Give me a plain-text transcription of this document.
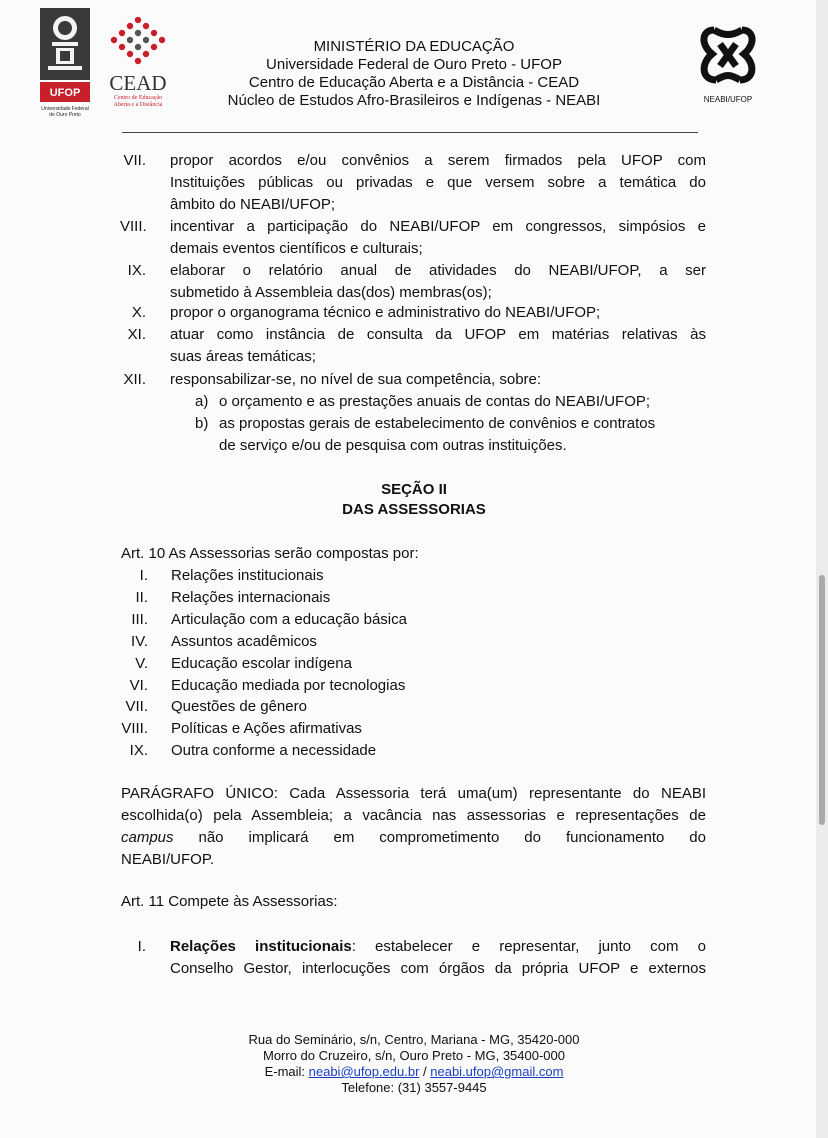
UFOP
Universidade Federal
de Ouro Preto
CEAD
Centro de Educação
Aberta e a Distância
NEABI/UFOP
MINISTÉRIO DA EDUCAÇÃO
Universidade Federal de Ouro Preto - UFOP
Centro de Educação Aberta e a Distância - CEAD
Núcleo de Estudos Afro-Brasileiros e Indígenas - NEABI
VII. propor acordos e/ou convênios a serem firmados pela UFOP com
Instituições públicas ou privadas e que versem sobre a temática do
âmbito do NEABI/UFOP;
VIII. incentivar a participação do NEABI/UFOP em congressos, simpósios e
demais eventos científicos e culturais;
IX. elaborar o relatório anual de atividades do NEABI/UFOP, a ser
submetido à Assembleia das(dos) membras(os);
X. propor o organograma técnico e administrativo do NEABI/UFOP;
XI. atuar como instância de consulta da UFOP em matérias relativas às
suas áreas temáticas;
XII. responsabilizar-se, no nível de sua competência, sobre:
a) o orçamento e as prestações anuais de contas do NEABI/UFOP;
b) as propostas gerais de estabelecimento de convênios e contratos
de serviço e/ou de pesquisa com outras instituições.
SEÇÃO II
DAS ASSESSORIAS
Art. 10 As Assessorias serão compostas por:
I. Relações institucionais
II. Relações internacionais
III. Articulação com a educação básica
IV. Assuntos acadêmicos
V. Educação escolar indígena
VI. Educação mediada por tecnologias
VII. Questões de gênero
VIII. Políticas e Ações afirmativas
IX. Outra conforme a necessidade
PARÁGRAFO ÚNICO: Cada Assessoria terá uma(um) representante do NEABI
escolhida(o) pela Assembleia; a vacância nas assessorias e representações de
campus não implicará em comprometimento do funcionamento do
NEABI/UFOP.
Art. 11 Compete às Assessorias:
I. Relações institucionais: estabelecer e representar, junto com o
Conselho Gestor, interlocuções com órgãos da própria UFOP e externos
Rua do Seminário, s/n, Centro, Mariana - MG, 35420-000
Morro do Cruzeiro, s/n, Ouro Preto - MG, 35400-000
E-mail: neabi@ufop.edu.br / neabi.ufop@gmail.com
Telefone: (31) 3557-9445
